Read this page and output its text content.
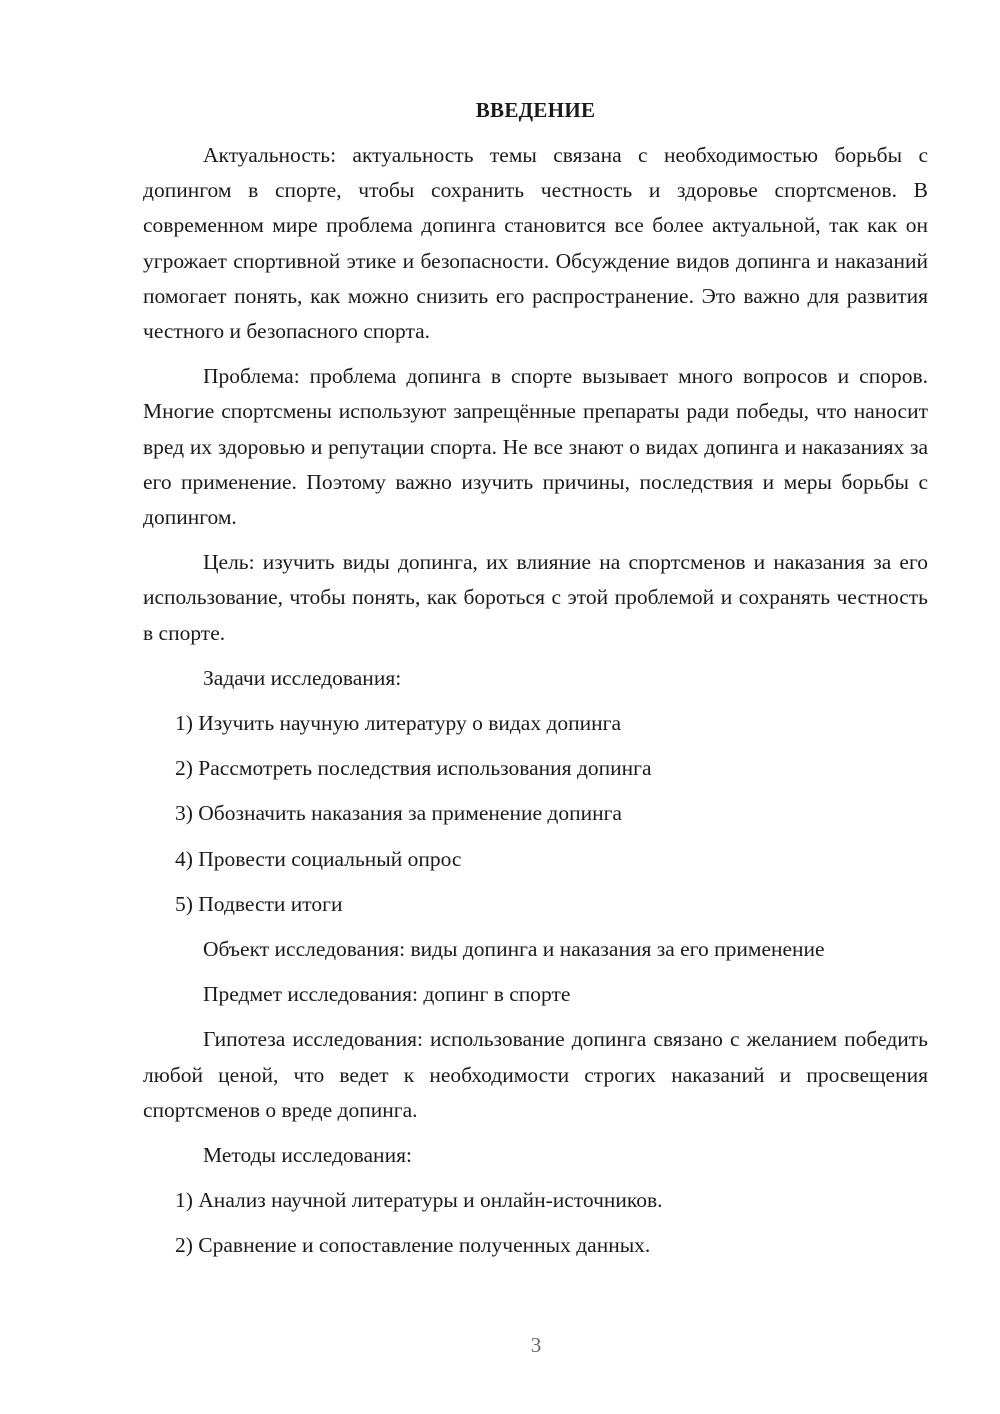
ВВЕДЕНИЕ

Актуальность: актуальность темы связана с необходимостью борьбы с допингом в спорте, чтобы сохранить честность и здоровье спортсменов. В современном мире проблема допинга становится все более актуальной, так как он угрожает спортивной этике и безопасности. Обсуждение видов допинга и наказаний помогает понять, как можно снизить его распространение. Это важно для развития честного и безопасного спорта.

Проблема: проблема допинга в спорте вызывает много вопросов и споров. Многие спортсмены используют запрещённые препараты ради победы, что наносит вред их здоровью и репутации спорта. Не все знают о видах допинга и наказаниях за его применение. Поэтому важно изучить причины, последствия и меры борьбы с допингом.

Цель: изучить виды допинга, их влияние на спортсменов и наказания за его использование, чтобы понять, как бороться с этой проблемой и сохранять честность в спорте.

Задачи исследования:
1) Изучить научную литературу о видах допинга
2) Рассмотреть последствия использования допинга
3) Обозначить наказания за применение допинга
4) Провести социальный опрос
5) Подвести итоги
Объект исследования: виды допинга и наказания за его применение
Предмет исследования: допинг в спорте

Гипотеза исследования: использование допинга связано с желанием победить любой ценой, что ведет к необходимости строгих наказаний и просвещения спортсменов о вреде допинга.

Методы исследования:
1) Анализ научной литературы и онлайн-источников.
2) Сравнение и сопоставление полученных данных.
3
